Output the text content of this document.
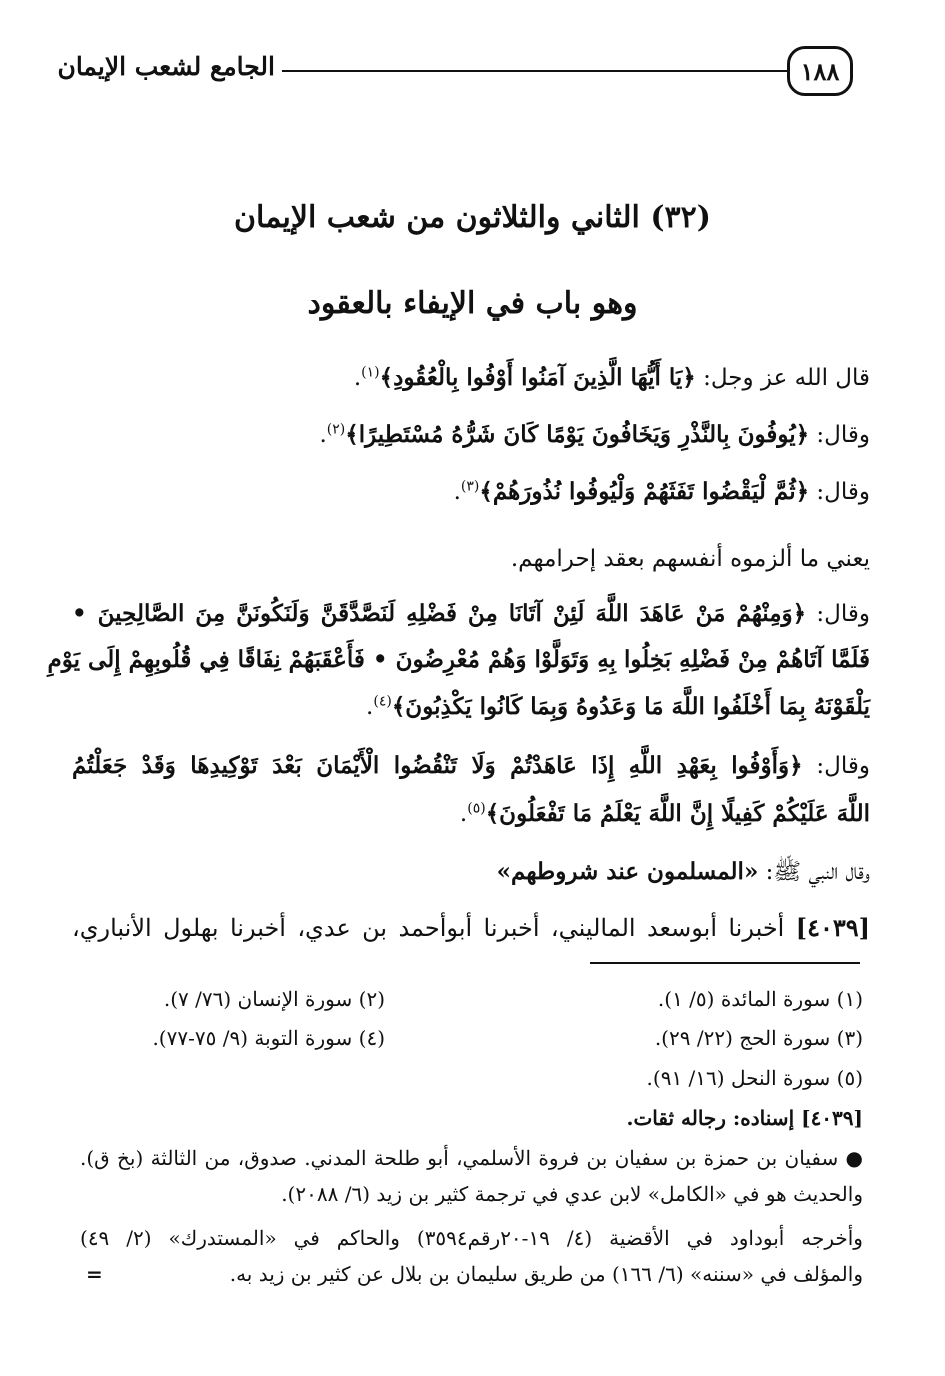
١٨٨
الجامع لشعب الإيمان
(٣٢) الثاني والثلاثون من شعب الإيمان
وهو باب في الإيفاء بالعقود
قال الله عز وجل: ﴿يَا أَيُّهَا الَّذِينَ آمَنُوا أَوْفُوا بِالْعُقُودِ﴾$^{(١)}$.
وقال: ﴿يُوفُونَ بِالنَّذْرِ وَيَخَافُونَ يَوْمًا كَانَ شَرُّهُ مُسْتَطِيرًا﴾$^{(٢)}$.
وقال: ﴿ثُمَّ لْيَقْضُوا تَفَثَهُمْ وَلْيُوفُوا نُذُورَهُمْ﴾$^{(٣)}$.
يعني ما ألزموه أنفسهم بعقد إحرامهم.
وقال: ﴿وَمِنْهُمْ مَنْ عَاهَدَ اللَّهَ لَئِنْ آتَانَا مِنْ فَضْلِهِ لَنَصَّدَّقَنَّ وَلَنَكُونَنَّ مِنَ الصَّالِحِينَ •
فَلَمَّا آتَاهُمْ مِنْ فَضْلِهِ بَخِلُوا بِهِ وَتَوَلَّوْا وَهُمْ مُعْرِضُونَ • فَأَعْقَبَهُمْ نِفَاقًا فِي قُلُوبِهِمْ إِلَى يَوْمِ
يَلْقَوْنَهُ بِمَا أَخْلَفُوا اللَّهَ مَا وَعَدُوهُ وَبِمَا كَانُوا يَكْذِبُونَ﴾$^{(٤)}$.
وقال: ﴿وَأَوْفُوا بِعَهْدِ اللَّهِ إِذَا عَاهَدْتُمْ وَلَا تَنْقُضُوا الْأَيْمَانَ بَعْدَ تَوْكِيدِهَا وَقَدْ جَعَلْتُمُ
اللَّهَ عَلَيْكُمْ كَفِيلًا إِنَّ اللَّهَ يَعْلَمُ مَا تَفْعَلُونَ﴾$^{(٥)}$.
وقال النبي ﷺ: «المسلمون عند شروطهم»
[٤٠٣٩] أخبرنا أبوسعد الماليني، أخبرنا أبوأحمد بن عدي، أخبرنا بهلول الأنباري،
(١) سورة المائدة (٥/ ١).
(٢) سورة الإنسان (٧٦/ ٧).
(٣) سورة الحج (٢٢/ ٢٩).
(٤) سورة التوبة (٩/ ٧٥-٧٧).
(٥) سورة النحل (١٦/ ٩١).
[٤٠٣٩] إسناده: رجاله ثقات.
● سفيان بن حمزة بن سفيان بن فروة الأسلمي، أبو طلحة المدني. صدوق، من الثالثة (بخ ق).
والحديث هو في «الكامل» لابن عدي في ترجمة كثير بن زيد (٦/ ٢٠٨٨).
وأخرجه أبوداود في الأقضية (٤/ ١٩-٢٠رقم٣٥٩٤) والحاكم في «المستدرك» (٢/ ٤٩)
والمؤلف في «سننه» (٦/ ١٦٦) من طريق سليمان بن بلال عن كثير بن زيد به.
=
